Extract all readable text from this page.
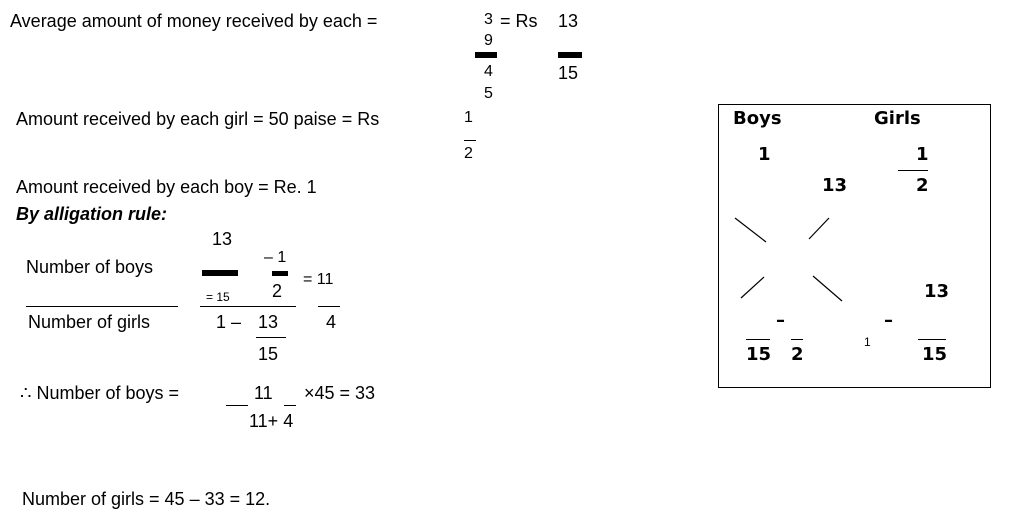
Average amount of money received by each =	3 = Rs 13
9
4	15
5
Amount received by each girl = 50 paise = Rs	1
2
Amount received by each boy = Re. 1
By alligation rule:
13
Number of boys	– 1
2
= 11
= 15
Number of girls	1 – 13	4
15
∴ Number of boys =	11 ×45 = 33
11+ 4
Number of girls = 45 – 33 = 12.
Boys	Girls
1	1
13	2
13
–	–
15 2
1
15
